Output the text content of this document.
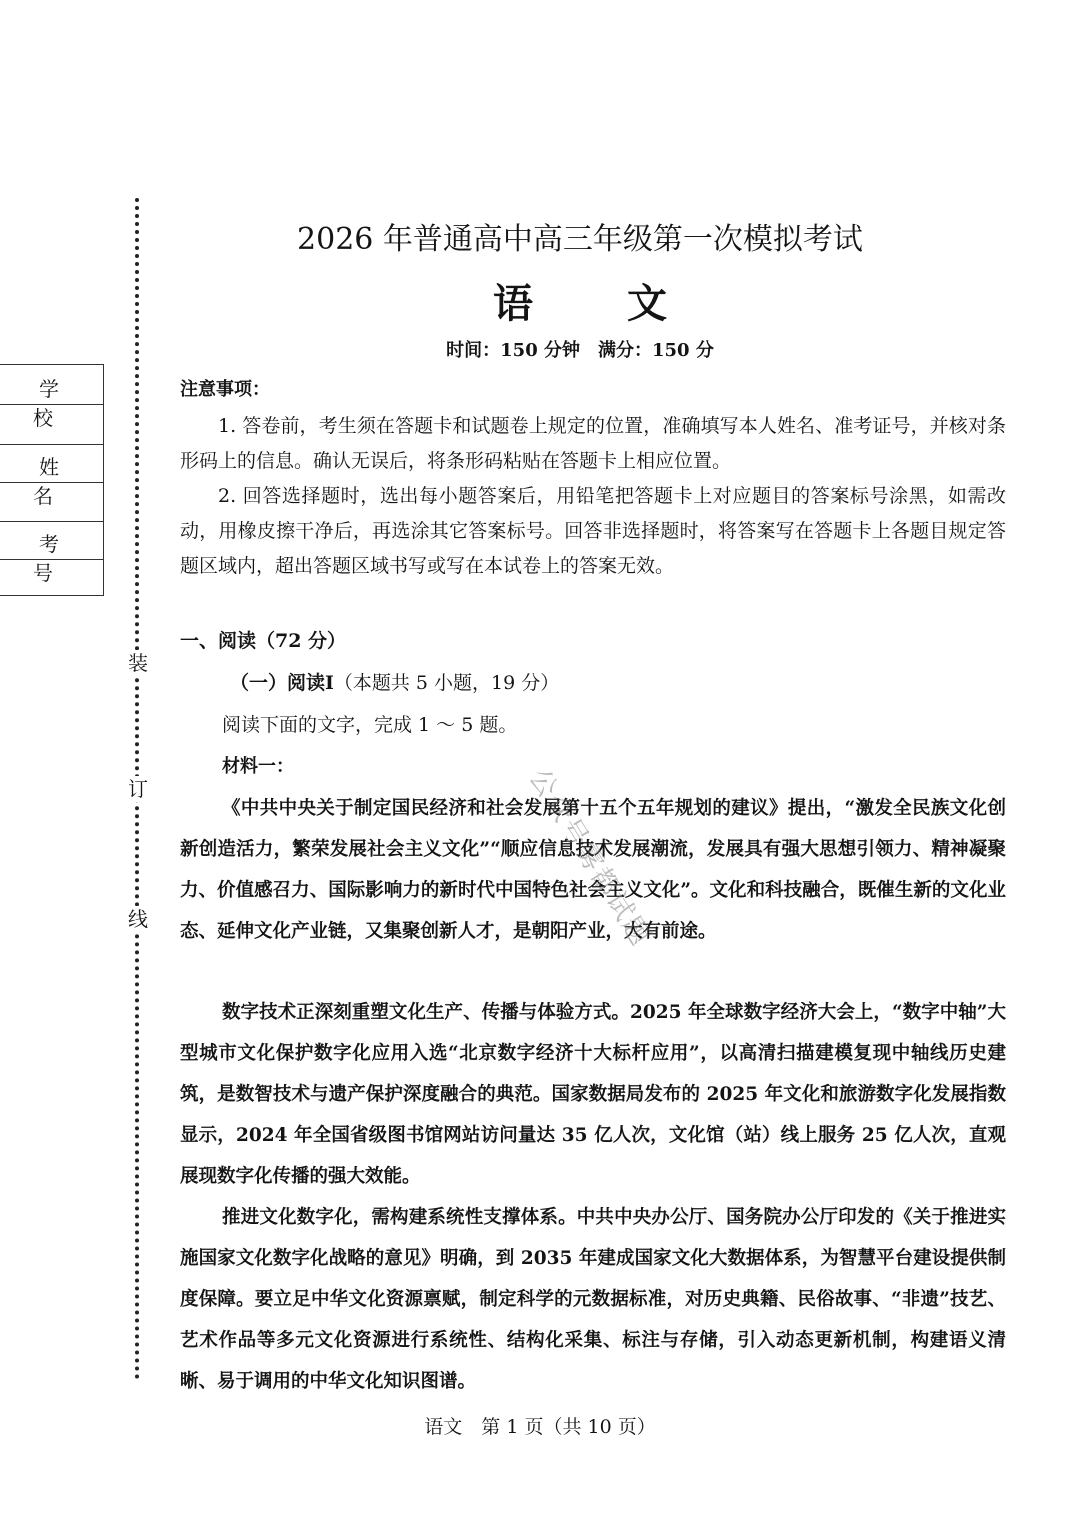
装
订
线
学 校
姓 名
考 号
2026 年普通高中高三年级第一次模拟考试
语 文
时间：150 分钟　满分：150 分
注意事项：

1. 答卷前，考生须在答题卡和试题卷上规定的位置，准确填写本人姓名、准考证号，并核对条形码上的信息。确认无误后，将条形码粘贴在答题卡上相应位置。

2. 回答选择题时，选出每小题答案后，用铅笔把答题卡上对应题目的答案标号涂黑，如需改动，用橡皮擦干净后，再选涂其它答案标号。回答非选择题时，将答案写在答题卡上各题目规定答题区域内，超出答题区域书写或写在本试卷上的答案无效。

一、阅读（72 分）
（一）阅读Ⅰ（本题共 5 小题，19 分）
阅读下面的文字，完成 1 ～ 5 题。
材料一：

《中共中央关于制定国民经济和社会发展第十五个五年规划的建议》提出，“激发全民族文化创新创造活力，繁荣发展社会主义文化”“顺应信息技术发展潮流，发展具有强大思想引领力、精神凝聚力、价值感召力、国际影响力的新时代中国特色社会主义文化”。文化和科技融合，既催生新的文化业态、延伸文化产业链，又集聚创新人才，是朝阳产业，大有前途。

数字技术正深刻重塑文化生产、传播与体验方式。2025 年全球数字经济大会上，“数字中轴”大型城市文化保护数字化应用入选“北京数字经济十大标杆应用”，以高清扫描建模复现中轴线历史建筑，是数智技术与遗产保护深度融合的典范。国家数据局发布的 2025 年文化和旅游数字化发展指数显示，2024 年全国省级图书馆网站访问量达 35 亿人次，文化馆（站）线上服务 25 亿人次，直观展现数字化传播的强大效能。

推进文化数字化，需构建系统性支撑体系。中共中央办公厅、国务院办公厅印发的《关于推进实施国家文化数字化战略的意见》明确，到 2035 年建成国家文化大数据体系，为智慧平台建设提供制度保障。要立足中华文化资源禀赋，制定科学的元数据标准，对历史典籍、民俗故事、“非遗”技艺、艺术作品等多元文化资源进行系统性、结构化采集、标注与存储，引入动态更新机制，构建语义清晰、易于调用的中华文化知识图谱。

公众号雾都试题
语文　第 1 页（共 10 页）
